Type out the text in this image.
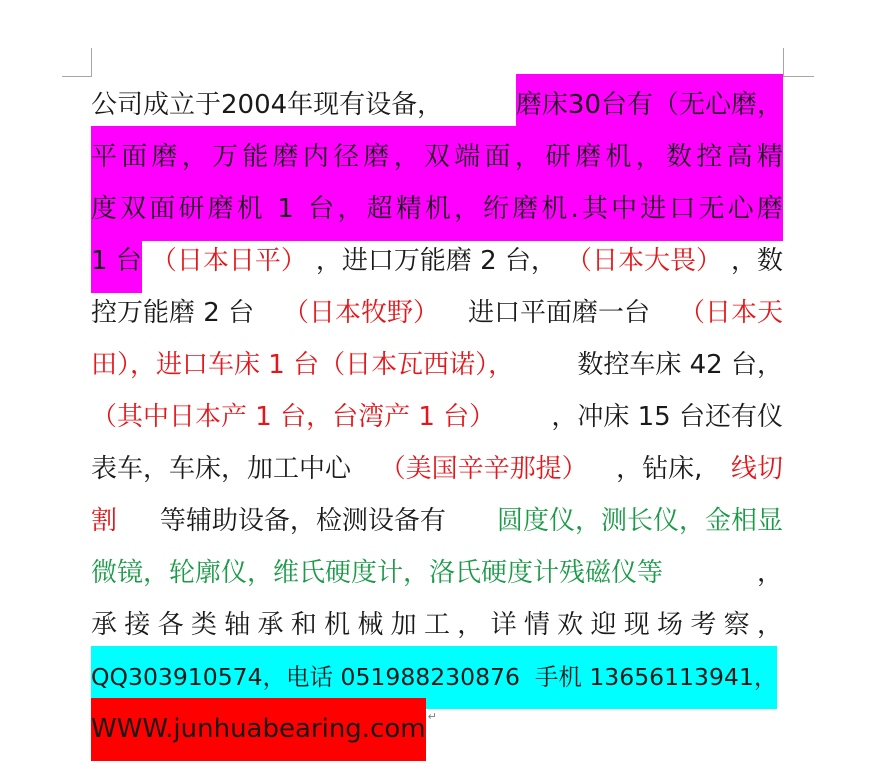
公司成立于2004年现有设备，	磨床30台有（无心磨，
平 面 磨 ， 万 能 磨 内 径 磨 ， 双 端 面 ， 研 磨 机 ， 数 控 高 精
度 双 面 研 磨 机
1
台 ， 超 精 机 ， 绗 磨 机 . 其 中 进 口 无 心 磨
1 台 （日本日平） ，进口万能磨 2 台， （日本大畏） ，数
控万能磨 2 台 （日本牧野） 进口平面磨一台 （日本天
田），进口车床 1 台（日本瓦西诺）， 数控车床 42 台，
（其中日本产 1 台，台湾产 1 台） ，冲床 15 台还有仪
表车，车床，加工中心 （美国辛辛那提） ，钻床, 线切
割 等辅助设备，检测设备有 圆度仪，测长仪，金相显
微镜，轮廓仪，维氏硬度计，洛氏硬度计残磁仪等	，
承 接 各 类 轴 承 和 机 械 加 工 ， 详 情 欢 迎 现 场 考 察 ，
QQ303910574，电话 051988230876  手机 13656113941，
WWW.junhuabearing.com ↵
